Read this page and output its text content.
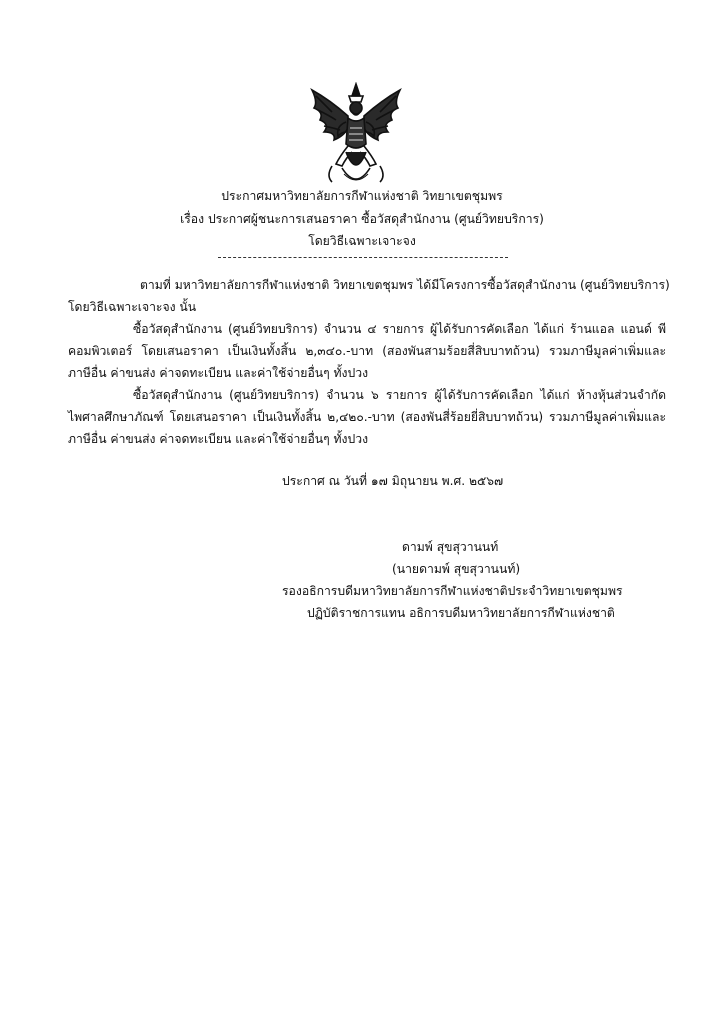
ประกาศมหาวิทยาลัยการกีฬาแห่งชาติ วิทยาเขตชุมพร
เรื่อง ประกาศผู้ชนะการเสนอราคา ซื้อวัสดุสำนักงาน (ศูนย์วิทยบริการ)
โดยวิธีเฉพาะเจาะจง
ตามที่ มหาวิทยาลัยการกีฬาแห่งชาติ วิทยาเขตชุมพร ได้มีโครงการซื้อวัสดุสำนักงาน (ศูนย์วิทยบริการ)
โดยวิธีเฉพาะเจาะจง นั้น
ซื้อวัสดุสำนักงาน (ศูนย์วิทยบริการ) จำนวน ๔ รายการ ผู้ได้รับการคัดเลือก ได้แก่ ร้านแอล แอนด์ พี
คอมพิวเตอร์ โดยเสนอราคา เป็นเงินทั้งสิ้น ๒,๓๔๐.-บาท (สองพันสามร้อยสี่สิบบาทถ้วน) รวมภาษีมูลค่าเพิ่มและ
ภาษีอื่น ค่าขนส่ง ค่าจดทะเบียน และค่าใช้จ่ายอื่นๆ ทั้งปวง
ซื้อวัสดุสำนักงาน (ศูนย์วิทยบริการ) จำนวน ๖ รายการ ผู้ได้รับการคัดเลือก ได้แก่ ห้างหุ้นส่วนจำกัด
ไพศาลศึกษาภัณฑ์ โดยเสนอราคา เป็นเงินทั้งสิ้น ๒,๔๒๐.-บาท (สองพันสี่ร้อยยี่สิบบาทถ้วน) รวมภาษีมูลค่าเพิ่มและ
ภาษีอื่น ค่าขนส่ง ค่าจดทะเบียน และค่าใช้จ่ายอื่นๆ ทั้งปวง
ประกาศ ณ วันที่ ๑๗ มิถุนายน พ.ศ. ๒๕๖๗
ดามพ์ สุขสุวานนท์
(นายดามพ์ สุขสุวานนท์)
รองอธิการบดีมหาวิทยาลัยการกีฬาแห่งชาติประจำวิทยาเขตชุมพร
ปฏิบัติราชการแทน อธิการบดีมหาวิทยาลัยการกีฬาแห่งชาติ
